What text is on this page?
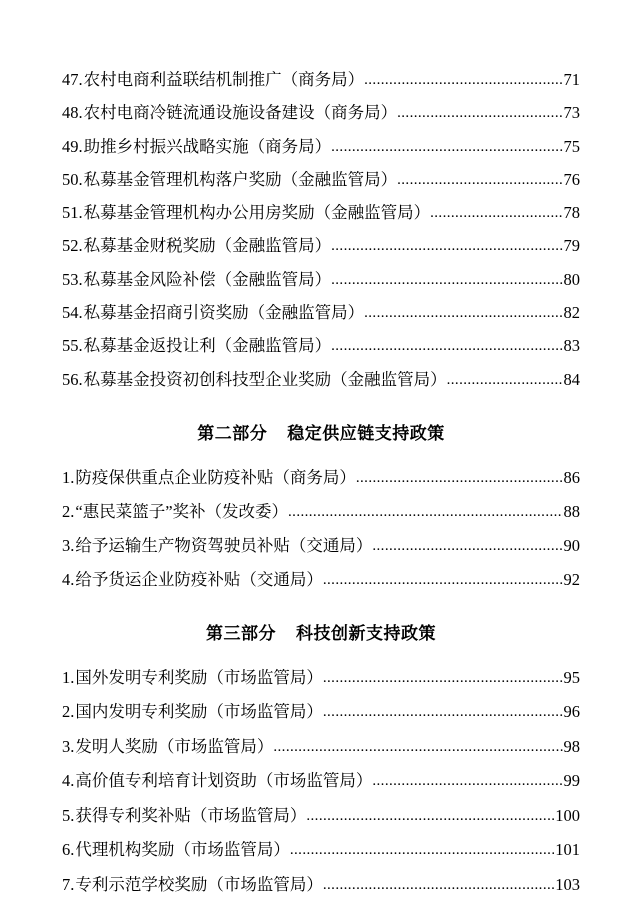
47. 农村电商利益联结机制推广（商务局） .....	71
48. 农村电商冷链流通设施设备建设（商务局） .....	73
49. 助推乡村振兴战略实施（商务局） .....	75
50. 私募基金管理机构落户奖励（金融监管局） .....	76
51. 私募基金管理机构办公用房奖励（金融监管局） .....	78
52. 私募基金财税奖励（金融监管局） .....	79
53. 私募基金风险补偿（金融监管局） .....	80
54. 私募基金招商引资奖励（金融监管局） .....	82
55. 私募基金返投让利（金融监管局） .....	83
56. 私募基金投资初创科技型企业奖励（金融监管局） .....	84
第二部分 稳定供应链支持政策
1. 防疫保供重点企业防疫补贴（商务局） .....	86
2. “惠民菜篮子”奖补（发改委） .....	88
3. 给予运输生产物资驾驶员补贴（交通局） .....	90
4. 给予货运企业防疫补贴（交通局） .....	92
第三部分 科技创新支持政策
1. 国外发明专利奖励（市场监管局） .....	95
2. 国内发明专利奖励（市场监管局） .....	96
3. 发明人奖励（市场监管局） .....	98
4. 高价值专利培育计划资助（市场监管局） .....	99
5. 获得专利奖补贴（市场监管局） .....	100
6. 代理机构奖励（市场监管局） .....	101
7. 专利示范学校奖励（市场监管局） .....	103
